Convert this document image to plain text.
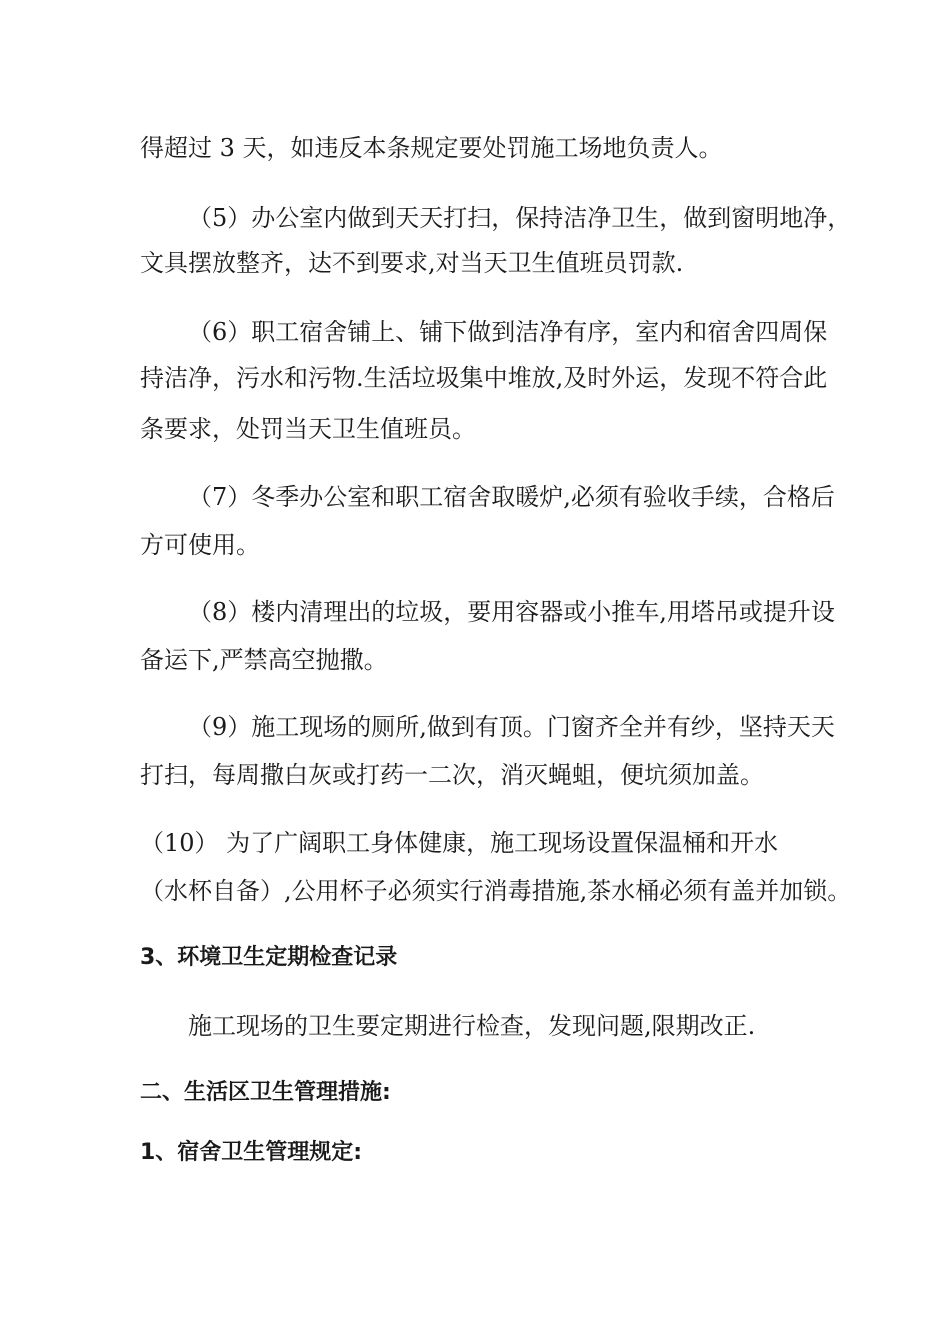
得超过 3 天，如违反本条规定要处罚施工场地负责人。
（5）办公室内做到天天打扫，保持洁净卫生，做到窗明地净，
文具摆放整齐，达不到要求,对当天卫生值班员罚款.
（6）职工宿舍铺上、铺下做到洁净有序，室内和宿舍四周保
持洁净，污水和污物.生活垃圾集中堆放,及时外运，发现不符合此
条要求，处罚当天卫生值班员。
（7）冬季办公室和职工宿舍取暖炉,必须有验收手续，合格后
方可使用。
（8）楼内清理出的垃圾，要用容器或小推车,用塔吊或提升设
备运下,严禁高空抛撒。
（9）施工现场的厕所,做到有顶。门窗齐全并有纱，坚持天天
打扫，每周撒白灰或打药一二次，消灭蝇蛆，便坑须加盖。
（10） 为了广阔职工身体健康，施工现场设置保温桶和开水
（水杯自备）,公用杯子必须实行消毒措施,茶水桶必须有盖并加锁。
3、环境卫生定期检查记录
施工现场的卫生要定期进行检查，发现问题,限期改正.
二、生活区卫生管理措施:
1、宿舍卫生管理规定:
